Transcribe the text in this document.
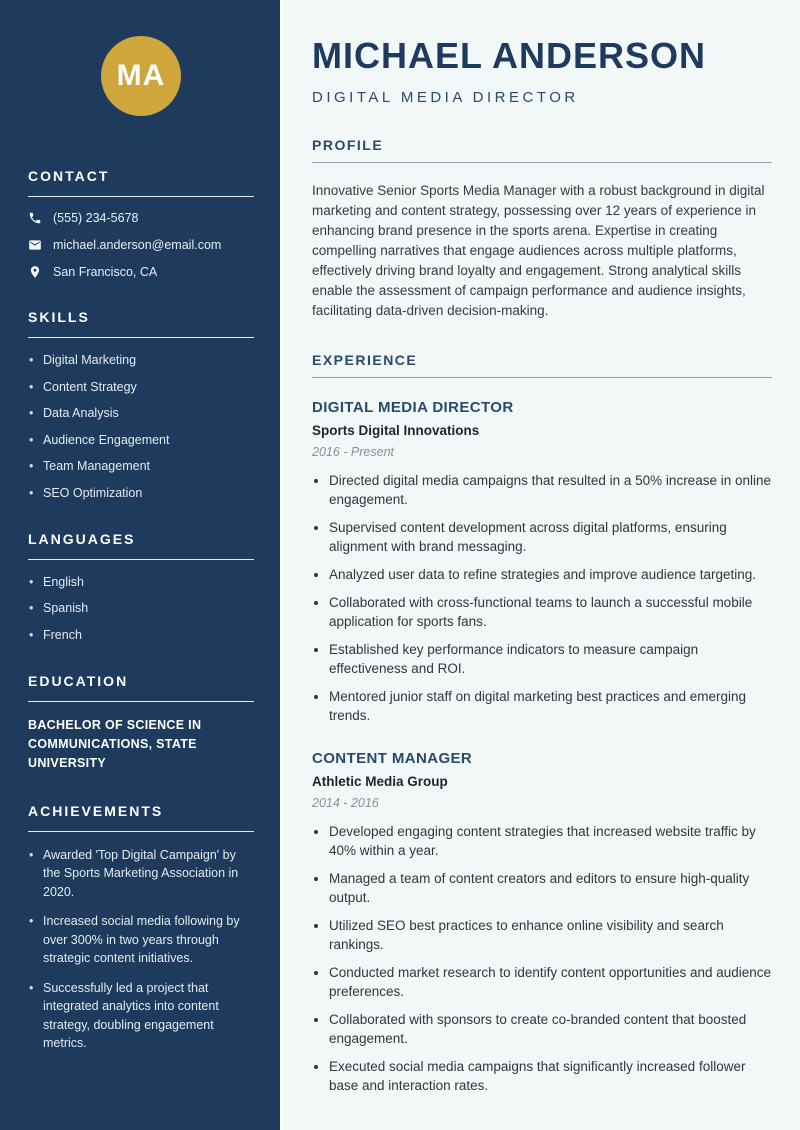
MA
CONTACT
(555) 234-5678
michael.anderson@email.com
San Francisco, CA
SKILLS
• Digital Marketing
• Content Strategy
• Data Analysis
• Audience Engagement
• Team Management
• SEO Optimization
LANGUAGES
• English
• Spanish
• French
EDUCATION

BACHELOR OF SCIENCE IN COMMUNICATIONS, STATE UNIVERSITY

ACHIEVEMENTS
• Awarded 'Top Digital Campaign' by the Sports Marketing Association in 2020.
• Increased social media following by over 300% in two years through strategic content initiatives.
• Successfully led a project that integrated analytics into content strategy, doubling engagement metrics.
MICHAEL ANDERSON
DIGITAL MEDIA DIRECTOR
PROFILE

Innovative Senior Sports Media Manager with a robust background in digital marketing and content strategy, possessing over 12 years of experience in enhancing brand presence in the sports arena. Expertise in creating compelling narratives that engage audiences across multiple platforms, effectively driving brand loyalty and engagement. Strong analytical skills enable the assessment of campaign performance and audience insights, facilitating data-driven decision-making.

EXPERIENCE
DIGITAL MEDIA DIRECTOR
Sports Digital Innovations
2016 - Present
• Directed digital media campaigns that resulted in a 50% increase in online engagement.
• Supervised content development across digital platforms, ensuring alignment with brand messaging.
• Analyzed user data to refine strategies and improve audience targeting.
• Collaborated with cross-functional teams to launch a successful mobile application for sports fans.
• Established key performance indicators to measure campaign effectiveness and ROI.
• Mentored junior staff on digital marketing best practices and emerging trends.
CONTENT MANAGER
Athletic Media Group
2014 - 2016
• Developed engaging content strategies that increased website traffic by 40% within a year.
• Managed a team of content creators and editors to ensure high-quality output.
• Utilized SEO best practices to enhance online visibility and search rankings.
• Conducted market research to identify content opportunities and audience preferences.
• Collaborated with sponsors to create co-branded content that boosted engagement.
• Executed social media campaigns that significantly increased follower base and interaction rates.
